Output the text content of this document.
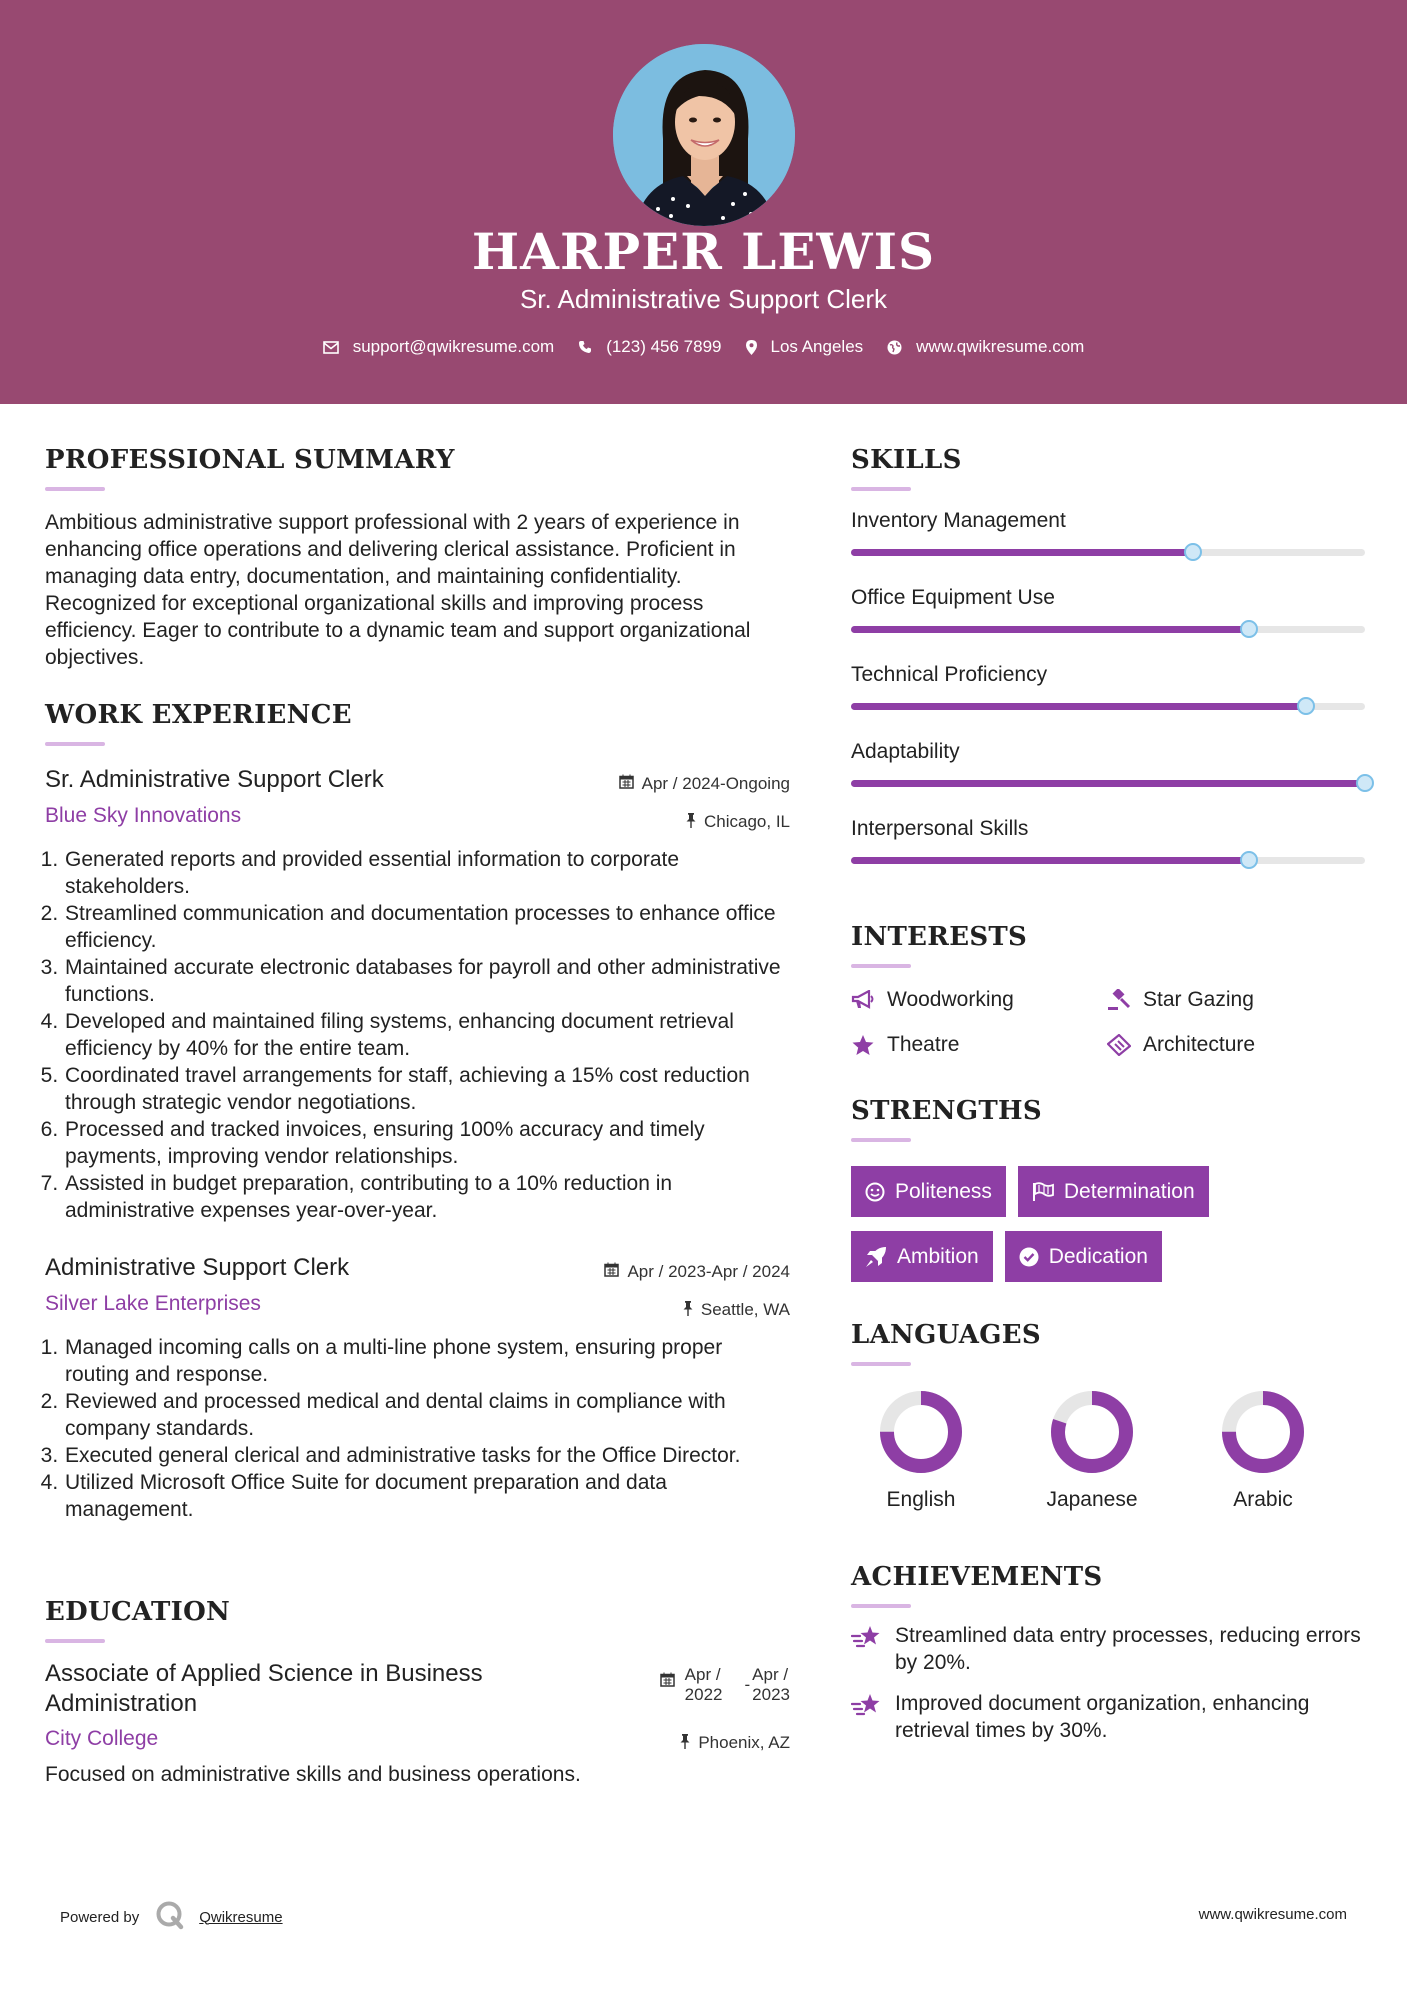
HARPER LEWIS
Sr. Administrative Support Clerk
support@qwikresume.com	(123) 456 7899	Los Angeles	www.qwikresume.com
PROFESSIONAL SUMMARY

Ambitious administrative support professional with 2 years of experience in enhancing office operations and delivering clerical assistance. Proficient in managing data entry, documentation, and maintaining confidentiality. Recognized for exceptional organizational skills and improving process efficiency. Eager to contribute to a dynamic team and support organizational objectives.

WORK EXPERIENCE
Sr. Administrative Support Clerk	Apr / 2024-Ongoing
Blue Sky Innovations	Chicago, IL
1. Generated reports and provided essential information to corporate stakeholders.
2. Streamlined communication and documentation processes to enhance office efficiency.
3. Maintained accurate electronic databases for payroll and other administrative functions.
4. Developed and maintained filing systems, enhancing document retrieval efficiency by 40% for the entire team.
5. Coordinated travel arrangements for staff, achieving a 15% cost reduction through strategic vendor negotiations.
6. Processed and tracked invoices, ensuring 100% accuracy and timely payments, improving vendor relationships.
7. Assisted in budget preparation, contributing to a 10% reduction in administrative expenses year-over-year.
Administrative Support Clerk	Apr / 2023-Apr / 2024
Silver Lake Enterprises	Seattle, WA
1. Managed incoming calls on a multi-line phone system, ensuring proper routing and response.
2. Reviewed and processed medical and dental claims in compliance with company standards.
3. Executed general clerical and administrative tasks for the Office Director.
4. Utilized Microsoft Office Suite for document preparation and data management.
EDUCATION
Associate of Applied Science in Business
Administration
Apr /
2022
-
Apr /
2023
City College	Phoenix, AZ
Focused on administrative skills and business operations.
SKILLS
Inventory Management
Office Equipment Use
Technical Proficiency
Adaptability
Interpersonal Skills
INTERESTS
Woodworking	Star Gazing
Theatre	Architecture
STRENGTHS
Politeness	Determination
Ambition	Dedication
LANGUAGES
English	Japanese	Arabic
ACHIEVEMENTS
Streamlined data entry processes, reducing errors by 20%.
Improved document organization, enhancing retrieval times by 30%.
Powered by	Qwikresume	www.qwikresume.com
